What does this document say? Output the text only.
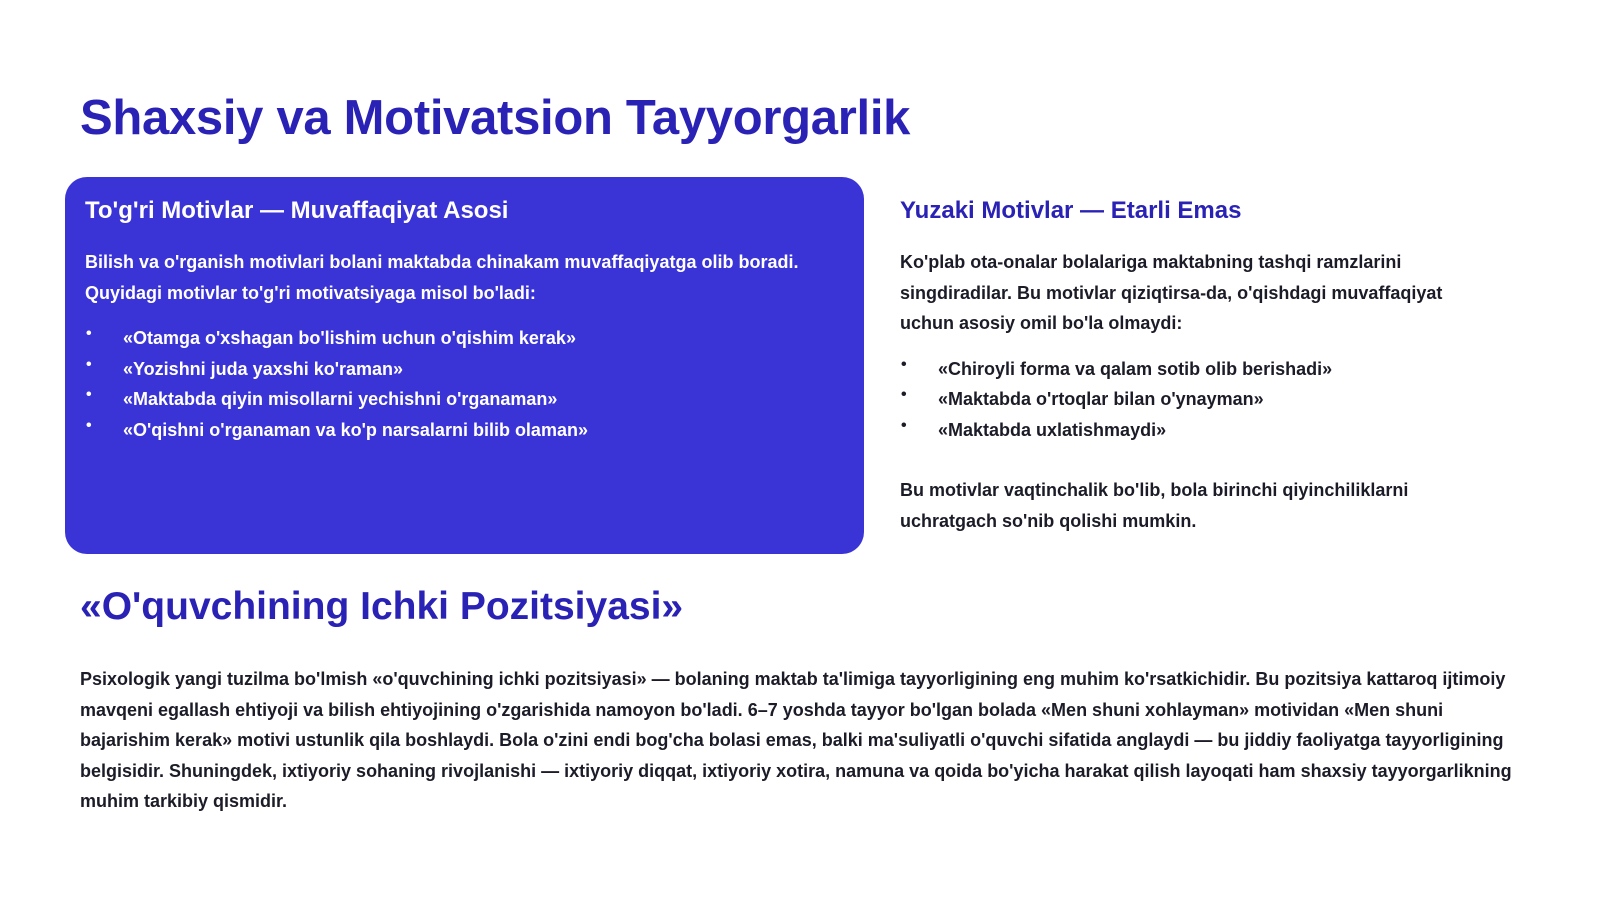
Shaxsiy va Motivatsion Tayyorgarlik
To'g'ri Motivlar — Muvaffaqiyat Asosi

Bilish va o'rganish motivlari bolani maktabda chinakam muvaffaqiyatga olib boradi. Quyidagi motivlar to'g'ri motivatsiyaga misol bo'ladi:

• «Otamga o'xshagan bo'lishim uchun o'qishim kerak»
• «Yozishni juda yaxshi ko'raman»
• «Maktabda qiyin misollarni yechishni o'rganaman»
• «O'qishni o'rganaman va ko'p narsalarni bilib olaman»
Yuzaki Motivlar — Etarli Emas

Ko'plab ota-onalar bolalariga maktabning tashqi ramzlarini singdiradilar. Bu motivlar qiziqtirsa-da, o'qishdagi muvaffaqiyat uchun asosiy omil bo'la olmaydi:

• «Chiroyli forma va qalam sotib olib berishadi»
• «Maktabda o'rtoqlar bilan o'ynayman»
• «Maktabda uxlatishmaydi»

Bu motivlar vaqtinchalik bo'lib, bola birinchi qiyinchiliklarni uchratgach so'nib qolishi mumkin.

«O'quvchining Ichki Pozitsiyasi»

Psixologik yangi tuzilma bo'lmish «o'quvchining ichki pozitsiyasi» — bolaning maktab ta'limiga tayyorligining eng muhim ko'rsatkichidir. Bu pozitsiya kattaroq ijtimoiy mavqeni egallash ehtiyoji va bilish ehtiyojining o'zgarishida namoyon bo'ladi. 6–7 yoshda tayyor bo'lgan bolada «Men shuni xohlayman» motividan «Men shuni bajarishim kerak» motivi ustunlik qila boshlaydi. Bola o'zini endi bog'cha bolasi emas, balki ma'suliyatli o'quvchi sifatida anglaydi — bu jiddiy faoliyatga tayyorligining belgisidir. Shuningdek, ixtiyoriy sohaning rivojlanishi — ixtiyoriy diqqat, ixtiyoriy xotira, namuna va qoida bo'yicha harakat qilish layoqati ham shaxsiy tayyorgarlikning muhim tarkibiy qismidir.
